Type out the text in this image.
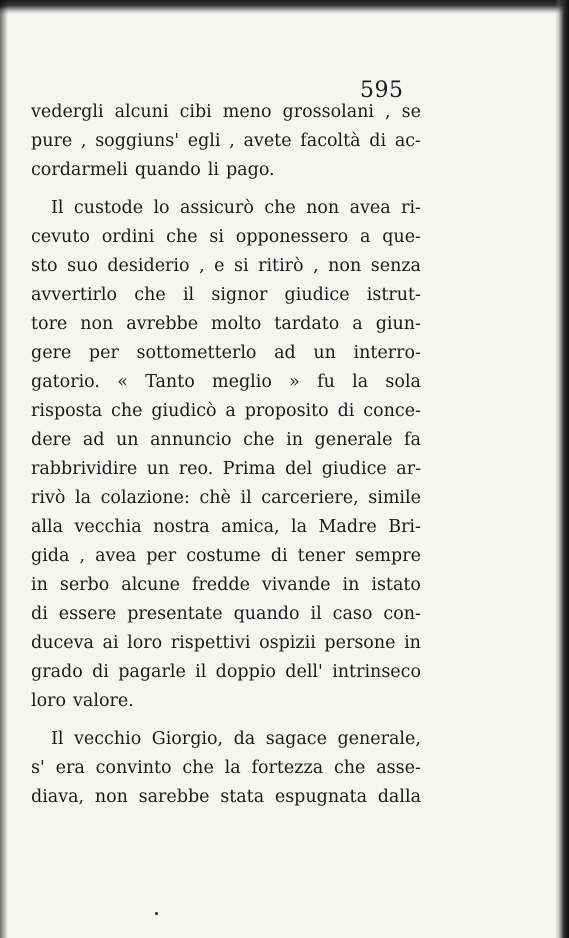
595
vedergli alcuni cibi meno grossolani , se
pure , soggiuns' egli , avete facoltà di ac-
cordarmeli quando li pago.
Il custode lo assicurò che non avea ri-
cevuto ordini che si opponessero a que-
sto suo desiderio , e si ritirò , non senza
avvertirlo che il signor giudice istrut-
tore non avrebbe molto tardato a giun-
gere per sottometterlo ad un interro-
gatorio. « Tanto meglio » fu la sola
risposta che giudicò a proposito di conce-
dere ad un annuncio che in generale fa
rabbrividire un reo. Prima del giudice ar-
rivò la colazione: chè il carceriere, simile
alla vecchia nostra amica, la Madre Bri-
gida , avea per costume di tener sempre
in serbo alcune fredde vivande in istato
di essere presentate quando il caso con-
duceva ai loro rispettivi ospizii persone in
grado di pagarle il doppio dell' intrinseco
loro valore.
Il vecchio Giorgio, da sagace generale,
s' era convinto che la fortezza che asse-
diava, non sarebbe stata espugnata dalla
